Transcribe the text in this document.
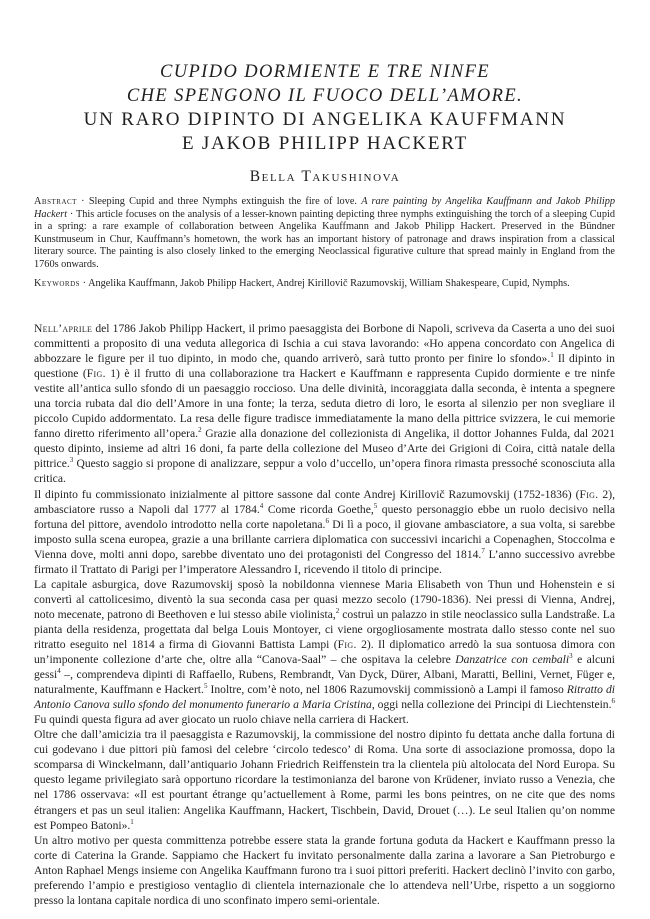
CUPIDO DORMIENTE E TRE NINFE
CHE SPENGONO IL FUOCO DELL’AMORE.
UN RARO DIPINTO DI ANGELIKA KAUFFMANN
E JAKOB PHILIPP HACKERT
Bella Takushinova
Abstract · Sleeping Cupid and three Nymphs extinguish the fire of love. A rare painting by Angelika Kauffmann and Jakob Philipp Hackert · This article focuses on the analysis of a lesser-known painting depicting three nymphs extinguishing the torch of a sleeping Cupid in a spring: a rare example of collaboration between Angelika Kauffmann and Jakob Philipp Hackert. Preserved in the Bündner Kunstmuseum in Chur, Kauffmann’s hometown, the work has an important history of patronage and draws inspiration from a classical literary source. The painting is also closely linked to the emerging Neoclassical figurative culture that spread mainly in England from the 1760s onwards.
Keywords · Angelika Kauffmann, Jakob Philipp Hackert, Andrej Kirillovič Razumovskij, William Shakespeare, Cupid, Nymphs.

Nell’aprile del 1786 Jakob Philipp Hackert, il primo paesaggista dei Borbone di Napoli, scriveva da Caserta a uno dei suoi committenti a proposito di una veduta allegorica di Ischia a cui stava lavorando: «Ho appena concordato con Angelica di abbozzare le figure per il tuo dipinto, in modo che, quando arriverò, sarà tutto pronto per finire lo sfondo».$^1$ Il dipinto in questione (Fig. 1) è il frutto di una collaborazione tra Hackert e Kauffmann e rappresenta Cupido dormiente e tre ninfe vestite all’antica sullo sfondo di un paesaggio roccioso. Una delle divinità, incoraggiata dalla seconda, è intenta a spegnere una torcia rubata dal dio dell’Amore in una fonte; la terza, seduta dietro di loro, le esorta al silenzio per non svegliare il piccolo Cupido addormentato. La resa delle figure tradisce immediatamente la mano della pittrice svizzera, le cui memorie fanno diretto riferimento all’opera.$^2$ Grazie alla donazione del collezionista di Angelika, il dottor Johannes Fulda, dal 2021 questo dipinto, insieme ad altri 16 doni, fa parte della collezione del Museo d’Arte dei Grigioni di Coira, città natale della pittrice.$^3$ Questo saggio si propone di analizzare, seppur a volo d’uccello, un’opera finora rimasta pressoché sconosciuta alla critica.

Il dipinto fu commissionato inizialmente al pittore sassone dal conte Andrej Kirillovič Razumovskij (1752-1836) (Fig. 2), ambasciatore russo a Napoli dal 1777 al 1784.$^4$ Come ricorda Goethe,$^5$ questo personaggio ebbe un ruolo decisivo nella fortuna del pittore, avendolo introdotto nella corte napoletana.$^6$ Di lì a poco, il giovane ambasciatore, a sua volta, si sarebbe imposto sulla scena europea, grazie a una brillante carriera diplomatica con successivi incarichi a Copenaghen, Stoccolma e Vienna dove, molti anni dopo, sarebbe diventato uno dei protagonisti del Congresso del 1814.$^7$ L’anno successivo avrebbe firmato il Trattato di Parigi per l’imperatore Alessandro I, ricevendo il titolo di principe.

La capitale asburgica, dove Razumovskij sposò la nobildonna viennese Maria Elisabeth von Thun und Hohenstein e si convertì al cattolicesimo, diventò la sua seconda casa per quasi mezzo secolo (1790-1836). Nei pressi di Vienna, Andrej, noto mecenate, patrono di Beethoven e lui stesso abile violinista,$^2$ costruì un palazzo in stile neoclassico sulla Landstraße. La pianta della residenza, progettata dal belga Louis Montoyer, ci viene orgogliosamente mostrata dallo stesso conte nel suo ritratto eseguito nel 1814 a firma di Giovanni Battista Lampi (Fig. 2). Il diplomatico arredò la sua sontuosa dimora con un’imponente collezione d’arte che, oltre alla “Canova-Saal” – che ospitava la celebre Danzatrice con cembali$^3$ e alcuni gessi$^4$ –, comprendeva dipinti di Raffaello, Rubens, Rembrandt, Van Dyck, Dürer, Albani, Maratti, Bellini, Vernet, Füger e, naturalmente, Kauffmann e Hackert.$^5$ Inoltre, com’è noto, nel 1806 Razumovskij commissionò a Lampi il famoso Ritratto di Antonio Canova sullo sfondo del monumento funerario a Maria Cristina, oggi nella collezione dei Principi di Liechtenstein.$^6$ Fu quindi questa figura ad aver giocato un ruolo chiave nella carriera di Hackert.

Oltre che dall’amicizia tra il paesaggista e Razumovskij, la commissione del nostro dipinto fu dettata anche dalla fortuna di cui godevano i due pittori più famosi del celebre ‘circolo tedesco’ di Roma. Una sorte di associazione promossa, dopo la scomparsa di Winckelmann, dall’antiquario Johann Friedrich Reiffenstein tra la clientela più altolocata del Nord Europa. Su questo legame privilegiato sarà opportuno ricordare la testimonianza del barone von Krüdener, inviato russo a Venezia, che nel 1786 osservava: «Il est pourtant étrange qu’actuellement à Rome, parmi les bons peintres, on ne cite que des noms étrangers et pas un seul italien: Angelika Kauffmann, Hackert, Tischbein, David, Drouet (…). Le seul Italien qu’on nomme est Pompeo Batoni».$^1$

Un altro motivo per questa committenza potrebbe essere stata la grande fortuna goduta da Hackert e Kauffmann presso la corte di Caterina la Grande. Sappiamo che Hackert fu invitato personalmente dalla zarina a lavorare a San Pietroburgo e Anton Raphael Mengs insieme con Angelika Kauffmann furono tra i suoi pittori preferiti. Hackert declinò l’invito con garbo, preferendo l’ampio e prestigioso ventaglio di clientela internazionale che lo attendeva nell’Urbe, rispetto a un soggiorno presso la lontana capitale nordica di uno sconfinato impero semi-orientale.
